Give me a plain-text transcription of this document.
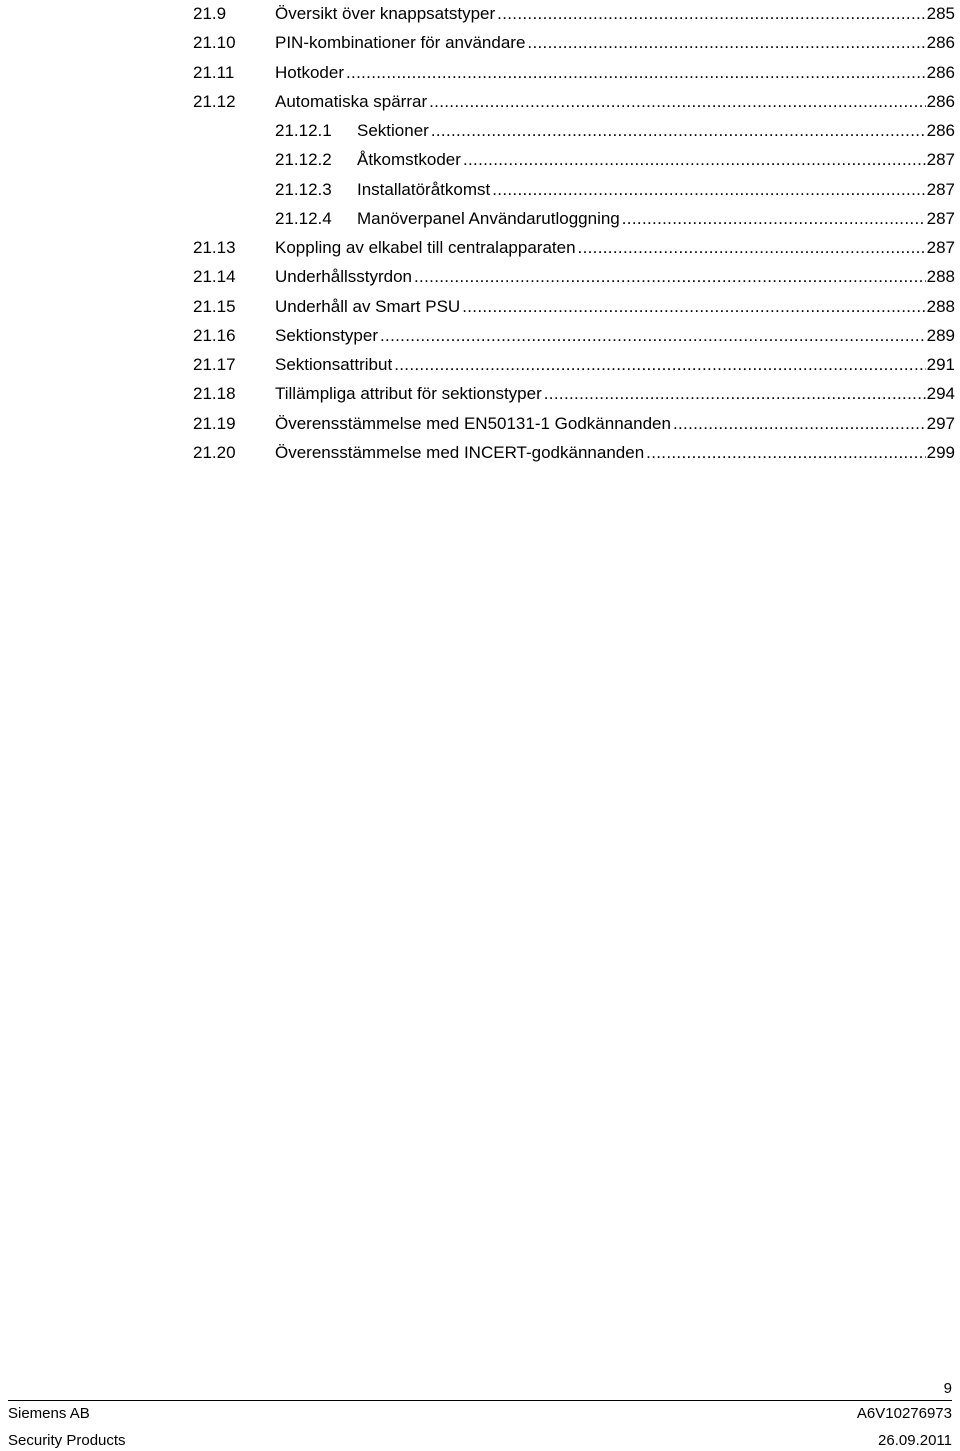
21.9	Översikt över knappsatstyper . . .	285
21.10	PIN-kombinationer för användare . . .	286
21.11	Hotkoder . . .	286
21.12	Automatiska spärrar . . .	286
21.12.1	Sektioner . . .	286
21.12.2	Åtkomstkoder . . .	287
21.12.3	Installatöråtkomst . . .	287
21.12.4	Manöverpanel Användarutloggning . . .	287
21.13	Koppling av elkabel till centralapparaten . . .	287
21.14	Underhållsstyrdon . . .	288
21.15	Underhåll av Smart PSU . . .	288
21.16	Sektionstyper . . .	289
21.17	Sektionsattribut . . .	291
21.18	Tillämpliga attribut för sektionstyper . . .	294
21.19	Överensstämmelse med EN50131-1 Godkännanden . . .	297
21.20	Överensstämmelse med INCERT-godkännanden . . .	299
9
Siemens AB	A6V10276973
Security Products	26.09.2011
